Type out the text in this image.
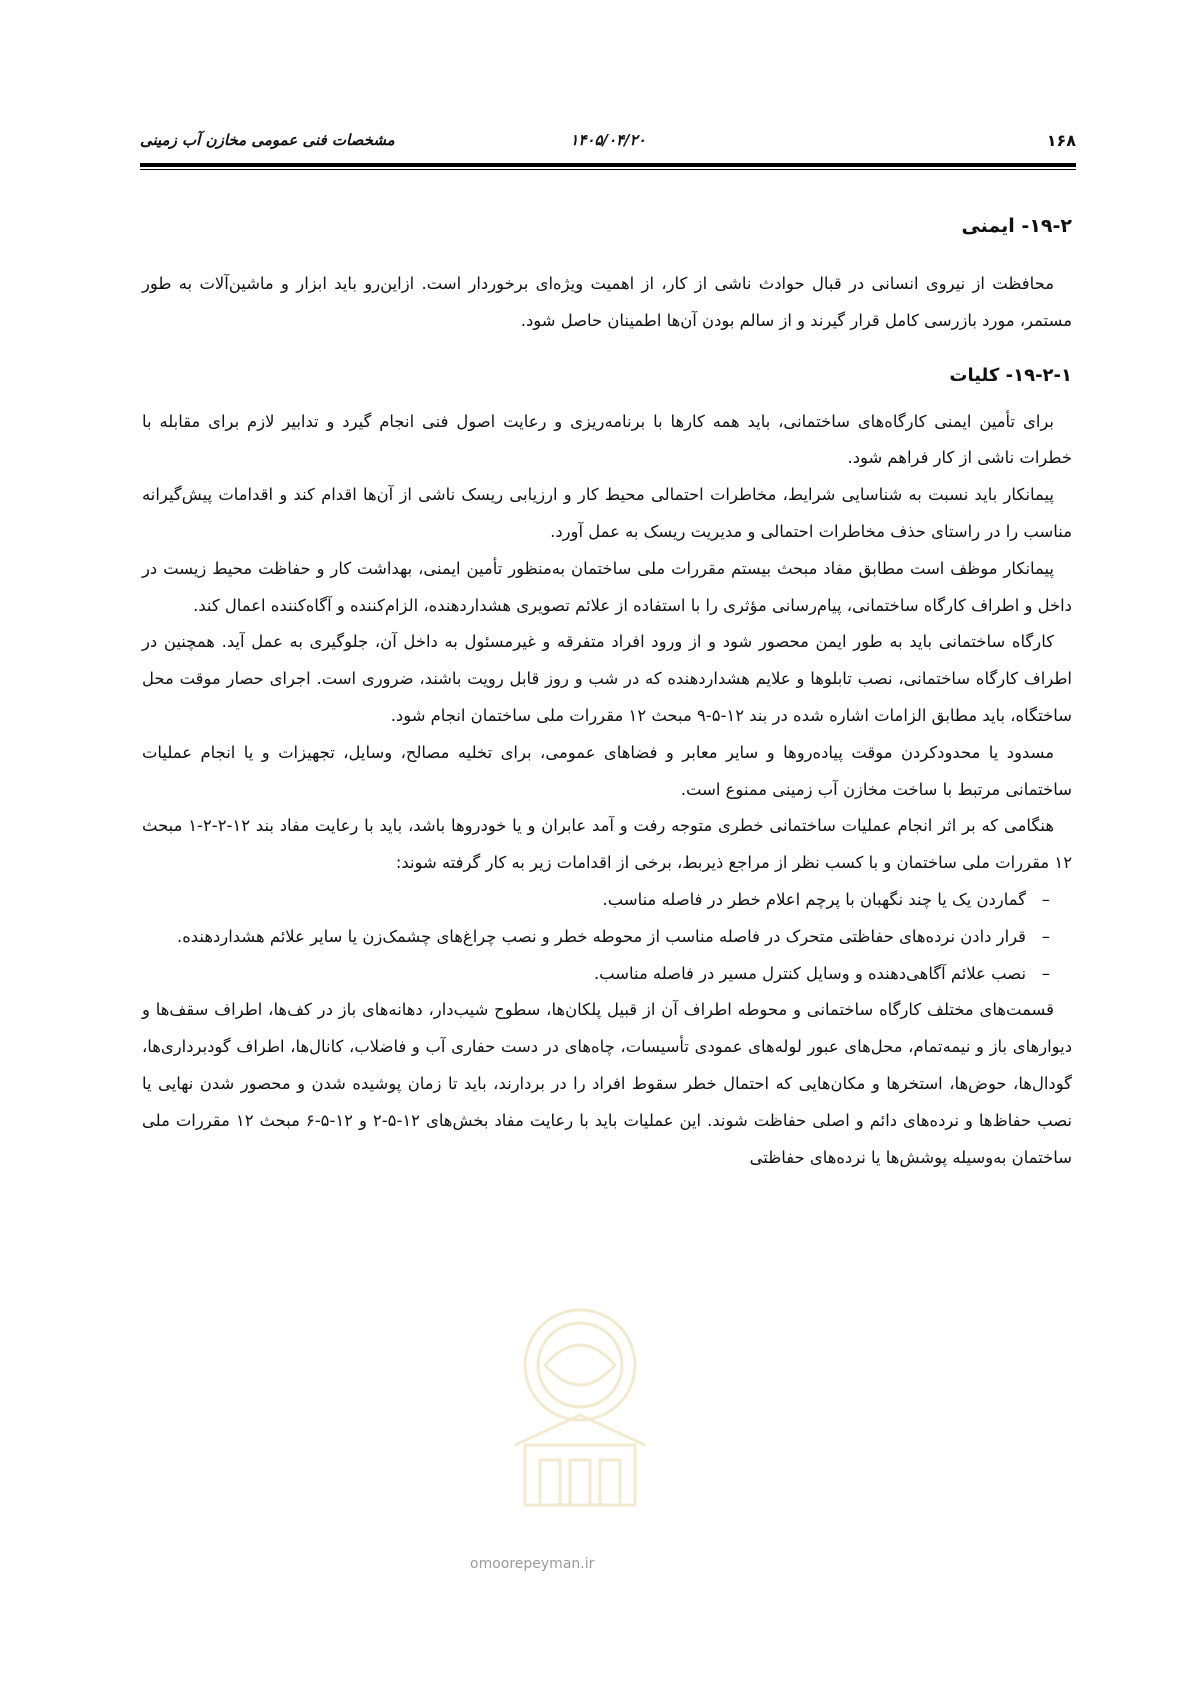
۱۶۸
۱۴۰۵/۰۴/۲۰
مشخصات فنی عمومی مخازن آب زمینی
۱۹-۲- ایمنی

محافظت از نیروی انسانی در قبال حوادث ناشی از کار، از اهمیت ویژه‌ای برخوردار است. ازاین‌رو باید ابزار و ماشین‌آلات به طور مستمر، مورد بازرسی کامل قرار گیرند و از سالم بودن آن‌ها اطمینان حاصل شود.

۱۹-۲-۱- کلیات

برای تأمین ایمنی کارگاه‌های ساختمانی، باید همه کارها با برنامه‌ریزی و رعایت اصول فنی انجام گیرد و تدابیر لازم برای مقابله با خطرات ناشی از کار فراهم شود.

پیمانکار باید نسبت به شناسایی شرایط، مخاطرات احتمالی محیط کار و ارزیابی ریسک ناشی از آن‌ها اقدام کند و اقدامات پیش‌گیرانه مناسب را در راستای حذف مخاطرات احتمالی و مدیریت ریسک به عمل آورد.

پیمانکار موظف است مطابق مفاد مبحث بیستم مقررات ملی ساختمان به‌منظور تأمین ایمنی، بهداشت کار و حفاظت محیط زیست در داخل و اطراف کارگاه ساختمانی، پیام‌رسانی مؤثری را با استفاده از علائم تصویری هشداردهنده، الزام‌کننده و آگاه‌کننده اعمال کند.

کارگاه ساختمانی باید به طور ایمن محصور شود و از ورود افراد متفرقه و غیرمسئول به داخل آن، جلوگیری به عمل آید. همچنین در اطراف کارگاه ساختمانی، نصب تابلوها و علایم هشداردهنده که در شب و روز قابل رویت باشند، ضروری است. اجرای حصار موقت محل ساختگاه، باید مطابق الزامات اشاره شده در بند ۱۲-۵-۹ مبحث ۱۲ مقررات ملی ساختمان انجام شود.

مسدود یا محدودکردن موقت پیاده‌روها و سایر معابر و فضاهای عمومی، برای تخلیه مصالح، وسایل، تجهیزات و یا انجام عملیات ساختمانی مرتبط با ساخت مخازن آب زمینی ممنوع است.

هنگامی که بر اثر انجام عملیات ساختمانی خطری متوجه رفت و آمد عابران و یا خودروها باشد، باید با رعایت مفاد بند ۱۲-۲-۲-۱ مبحث ۱۲ مقررات ملی ساختمان و با کسب نظر از مراجع ذیربط، برخی از اقدامات زیر به کار گرفته شوند:

–
گماردن یک یا چند نگهبان با پرچم اعلام خطر در فاصله مناسب.
–
قرار دادن نرده‌های حفاظتی متحرک در فاصله مناسب از محوطه خطر و نصب چراغ‌های چشمک‌زن یا سایر علائم هشداردهنده.
–
نصب علائم آگاهی‌دهنده و وسایل کنترل مسیر در فاصله مناسب.

قسمت‌های مختلف کارگاه ساختمانی و محوطه اطراف آن از قبیل پلکان‌ها، سطوح شیب‌دار، دهانه‌های باز در کف‌ها، اطراف سقف‌ها و دیوارهای باز و نیمه‌تمام، محل‌های عبور لوله‌های عمودی تأسیسات، چاه‌های در دست حفاری آب و فاضلاب، کانال‌ها، اطراف گودبرداری‌ها، گودال‌ها، حوض‌ها، استخرها و مکان‌هایی که احتمال خطر سقوط افراد را در بردارند، باید تا زمان پوشیده شدن و محصور شدن نهایی یا نصب حفاظ‌ها و نرده‌های دائم و اصلی حفاظت شوند. این عملیات باید با رعایت مفاد بخش‌های ۱۲-۵-۲ و ۱۲-۵-۶ مبحث ۱۲ مقررات ملی ساختمان به‌وسیله پوشش‌ها یا نرده‌های حفاظتی

omoorepeyman.ir
